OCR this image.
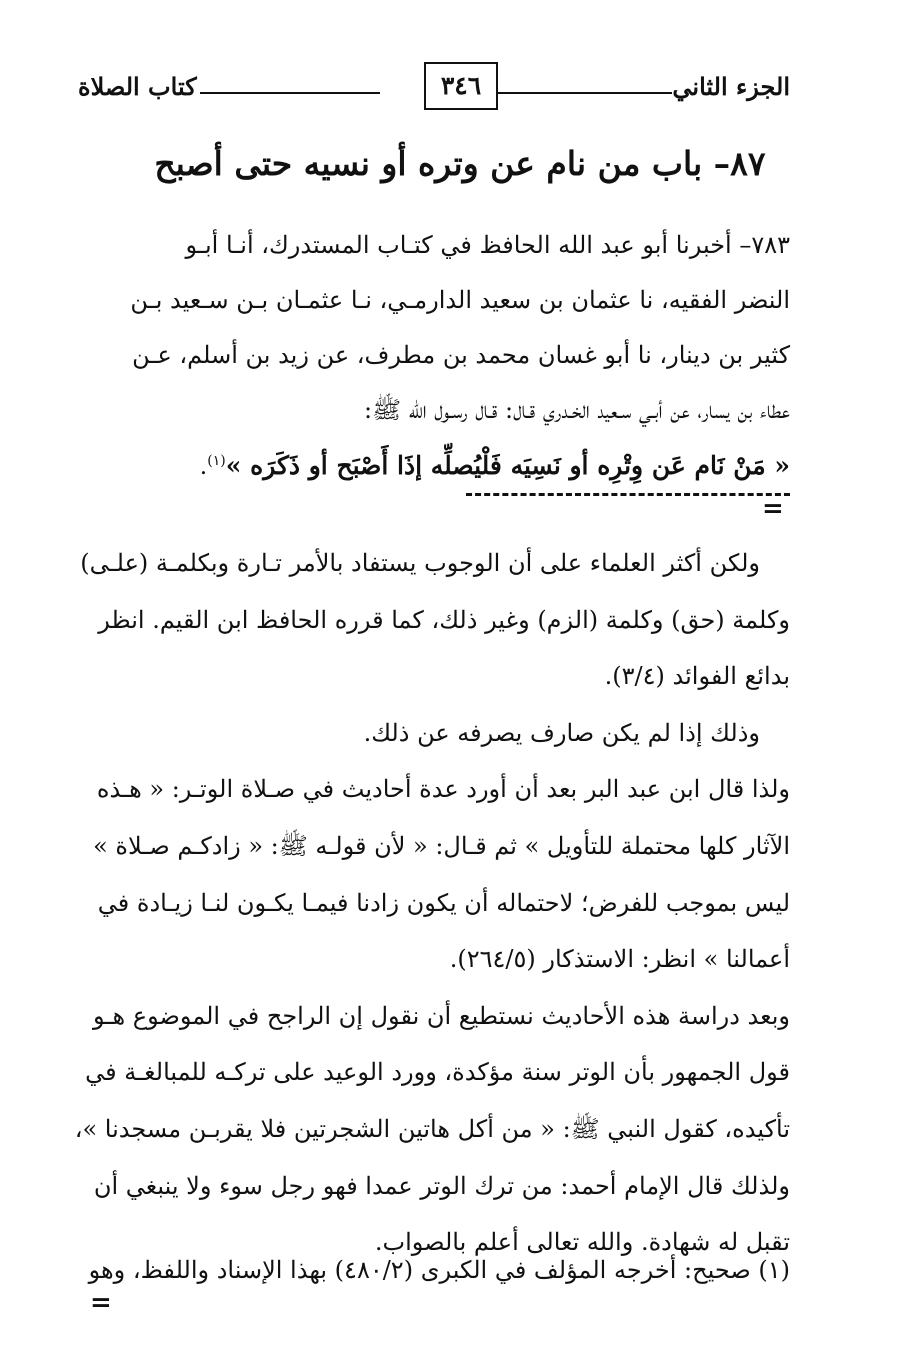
الجزء الثاني
٣٤٦
كتاب الصلاة
٨٧– باب من نام عن وتره أو نسيه حتى أصبح
٧٨٣– أخبرنا أبو عبد الله الحافظ في كتـاب المستدرك، أنـا أبـو
النضر الفقيه، نا عثمان بن سعيد الدارمـي، نـا عثمـان بـن سـعيد بـن
كثير بن دينار، نا أبو غسان محمد بن مطرف، عن زيد بن أسلم، عـن
عطاء بن يسار، عن أبـي سـعيد الخـدري قـال: قـال رسـول الله ﷺ:
« مَنْ نَام عَن وِتْرِه أو نَسِيَه فَلْيُصلِّه إذَا أَصْبَح أو ذَكَرَه »$^{(١)}$.
=
ولكن أكثر العلماء على أن الوجوب يستفاد بالأمر تـارة وبكلمـة (علـى)
وكلمة (حق) وكلمة (الزم) وغير ذلك، كما قرره الحافظ ابن القيم. انظر
بدائع الفوائد (٣/٤).
وذلك إذا لم يكن صارف يصرفه عن ذلك.
ولذا قال ابن عبد البر بعد أن أورد عدة أحاديث في صـلاة الوتـر: « هـذه
الآثار كلها محتملة للتأويل » ثم قـال: « لأن قولـه ﷺ: « زادكـم صـلاة »
ليس بموجب للفرض؛ لاحتماله أن يكون زادنا فيمـا يكـون لنـا زيـادة في
أعمالنا » انظر: الاستذكار (٢٦٤/٥).
وبعد دراسة هذه الأحاديث نستطيع أن نقول إن الراجح في الموضوع هـو
قول الجمهور بأن الوتر سنة مؤكدة، وورد الوعيد على تركـه للمبالغـة في
تأكيده، كقول النبي ﷺ: « من أكل هاتين الشجرتين فلا يقربـن مسجدنا »،
ولذلك قال الإمام أحمد: من ترك الوتر عمدا فهو رجل سوء ولا ينبغي أن
تقبل له شهادة. والله تعالى أعلم بالصواب.
(١) صحيح: أخرجه المؤلف في الكبرى (٤٨٠/٢) بهذا الإسناد واللفظ، وهو
=
